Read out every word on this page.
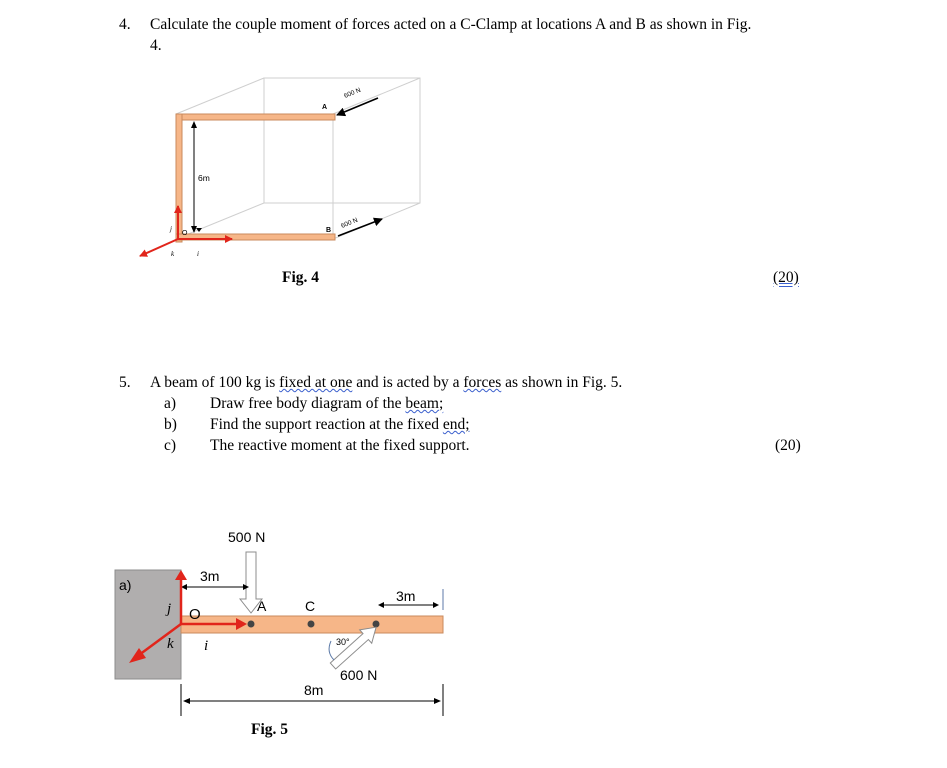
4. Calculate the couple moment of forces acted on a C-Clamp at locations A and B as shown in Fig.
4.
6m
A
600 N
B
600 N
O
j
k	i
Fig. 4	(20)
5. A beam of 100 kg is fixed at one and is acted by a forces as shown in Fig. 5.
a) Draw free body diagram of the beam;
b) Find the support reaction at the fixed end;
c) The reactive moment at the fixed support.	(20)
a)
500 N
30°
600 N
3m
3m
A	C
O
j
k i
8m
Fig. 5
